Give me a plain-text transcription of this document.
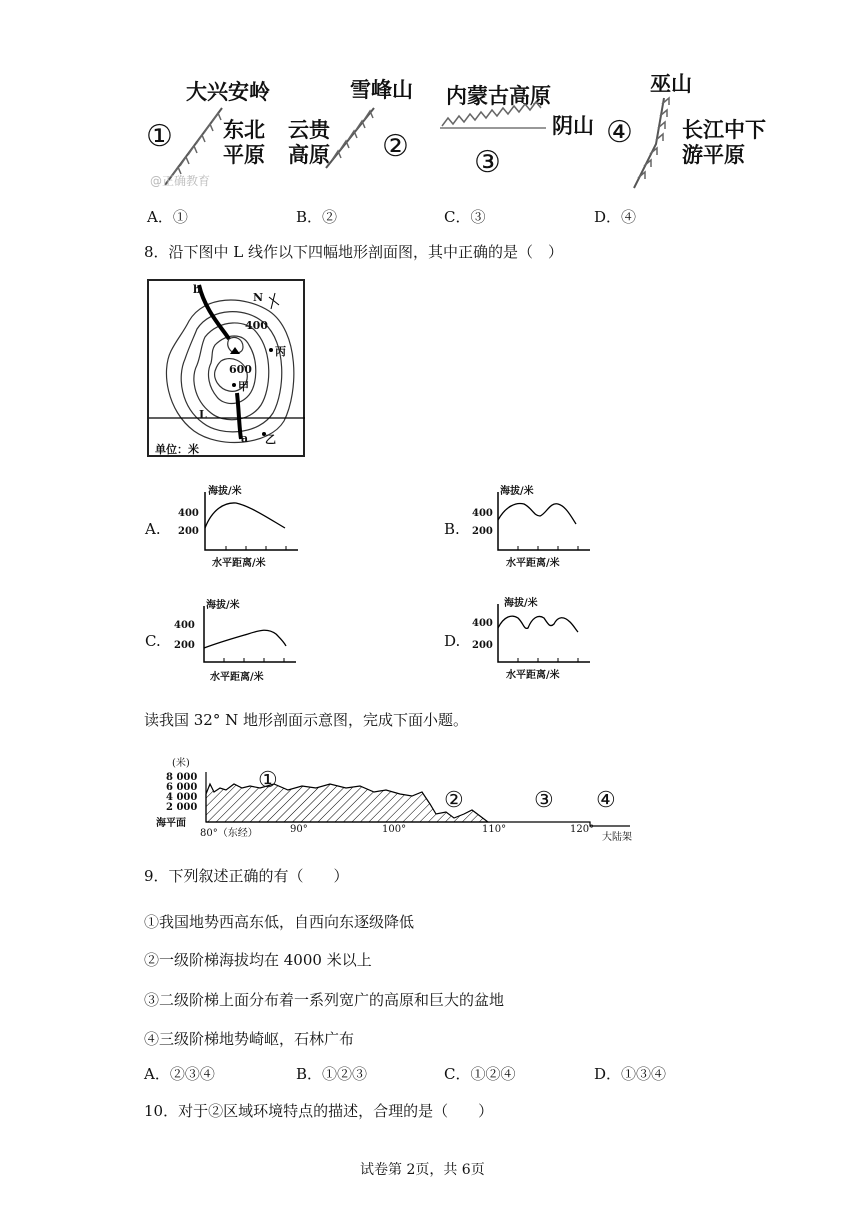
大兴安岭
① 东北
平原
@正确教育
雪峰山
云贵
高原 ②
内蒙古高原
阴山
③
巫山
④ 长江中下
游平原
A．①	B．②	C．③	D．④
8．沿下图中 L 线作以下四幅地形剖面图，其中正确的是（　）
b
N
400
600
丙
甲
L
a 乙
单位：米
A.
海拔/米
400
200
水平距离/米
B.
海拔/米
400
200
水平距离/米
C.
海拔/米
400
200
水平距离/米
D.
海拔/米
400
200
水平距离/米
读我国 32° N 地形剖面示意图，完成下面小题。
(米)
8 000
6 000
4 000
2 000
海平面
①
②	③ ④
80°（东经）	90°	100°	110°	120°
大陆架
9．下列叙述正确的有（　　）
①我国地势西高东低，自西向东逐级降低
②一级阶梯海拔均在 4000 米以上
③二级阶梯上面分布着一系列宽广的高原和巨大的盆地
④三级阶梯地势崎岖，石林广布
A．②③④	B．①②③	C．①②④	D．①③④
10．对于②区域环境特点的描述，合理的是（　　）
试卷第 2页，共 6页
